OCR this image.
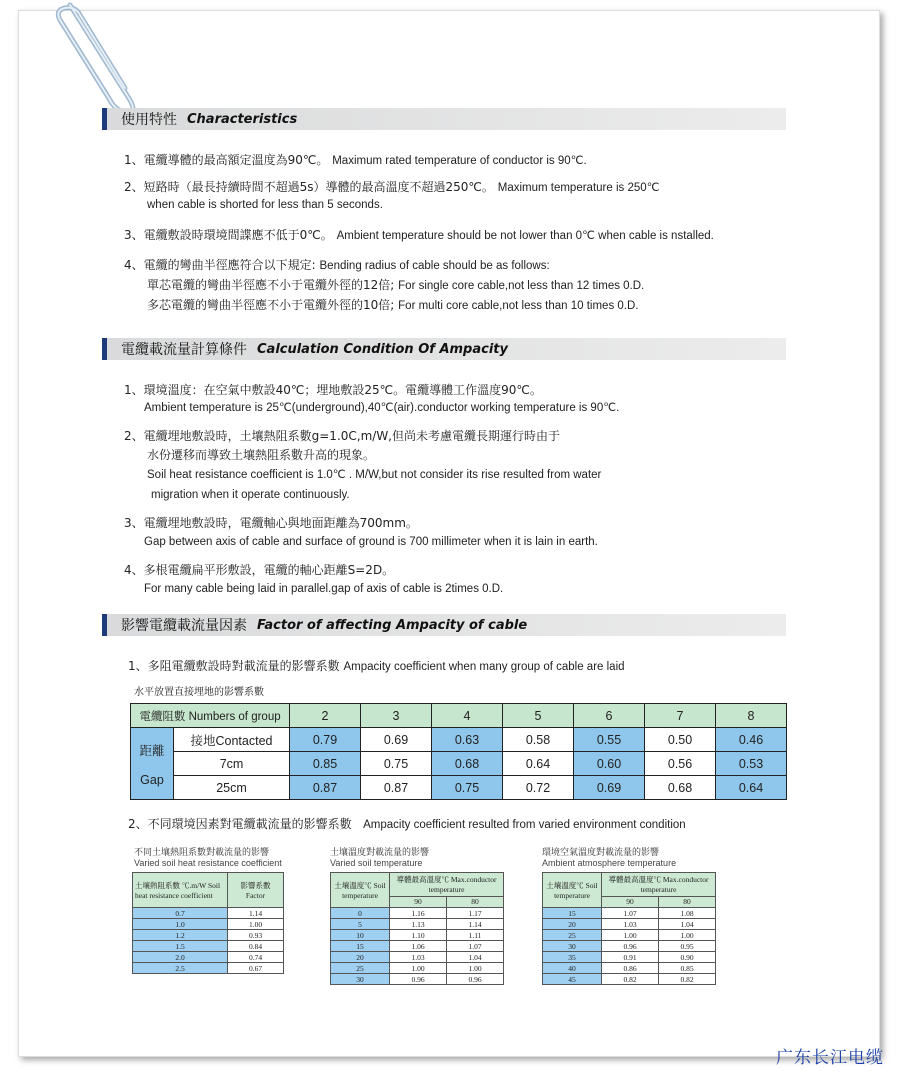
使用特性 Characteristics
1、電纜導體的最高額定溫度為90℃。 Maximum rated temperature of conductor is 90℃.
2、短路時（最長持續時間不超過5s）導體的最高溫度不超過250℃。 Maximum temperature is 250℃
when cable is shorted for less than 5 seconds.
3、電纜敷設時環境間諜應不低于0℃。 Ambient temperature should be not lower than 0℃ when cable is nstalled.
4、電纜的彎曲半徑應符合以下規定: Bending radius of cable should be as follows:
單芯電纜的彎曲半徑應不小于電纜外徑的12倍; For single core cable,not less than 12 times 0.D.
多芯電纜的彎曲半徑應不小于電纜外徑的10倍; For multi core cable,not less than 10 times 0.D.
電纜載流量計算條件 Calculation Condition Of Ampacity
1、環境溫度：在空氣中敷設40℃；埋地敷設25℃。電纜導體工作溫度90℃。
Ambient temperature is 25℃(underground),40℃(air).conductor working temperature is 90℃.
2、電纜埋地敷設時，土壤熱阻系數g=1.0C,m/W,但尚未考慮電纜長期運行時由于
水份遷移而導致土壤熱阻系數升高的現象。
Soil heat resistance coefficient is 1.0℃ . M/W,but not consider its rise resulted from water
migration when it operate continuously.
3、電纜埋地敷設時，電纜軸心與地面距離為700mm。
Gap between axis of cable and surface of ground is 700 millimeter when it is lain in earth.
4、多根電纜扁平形敷設，電纜的軸心距離S=2D。
For many cable being laid in parallel.gap of axis of cable is 2times 0.D.
影響電纜載流量因素 Factor of affecting Ampacity of cable
1、多阻電纜敷設時對載流量的影響系數 Ampacity coefficient when many group of cable are laid
水平放置直接埋地的影響系數
電纜阻數 Numbers of group		2	3	4	5	6	7	8
距離

Gap	接地Contacted	0.79	0.69	0.63	0.58	0.55	0.50	0.46
	7cm	0.85	0.75	0.68	0.64	0.60	0.56	0.53
	25cm	0.87	0.87	0.75	0.72	0.69	0.68	0.64
2、不同環境因素對電纜載流量的影響系數 Ampacity coefficient resulted from varied environment condition
不同土壤熱阻系數對載流量的影響
Varied soil heat resistance coefficient
土壤溫度對載流量的影響
Varied soil temperature
環境空氣溫度對載流量的影響
Ambient atmosphere temperature
土壤熱阻系數 ℃.m/W Soil heat resistance coefficient	影響系數 Factor
0.7	1.14
1.0	1.00
1.2	0.93
1.5	0.84
2.0	0.74
2.5	0.67
土壤溫度℃ Soil temperature	導體最高溫度℃ Max.conductor temperature	
	90	80
0	1.16	1.17
5	1.13	1.14
10	1.10	1.11
15	1.06	1.07
20	1.03	1.04
25	1.00	1.00
30	0.96	0.96
土壤溫度℃ Soil temperature	導體最高溫度℃ Max.conductor temperature	
	90	80
15	1.07	1.08
20	1.03	1.04
25	1.00	1.00
30	0.96	0.95
35	0.91	0.90
40	0.86	0.85
45	0.82	0.82
广东长江电缆
